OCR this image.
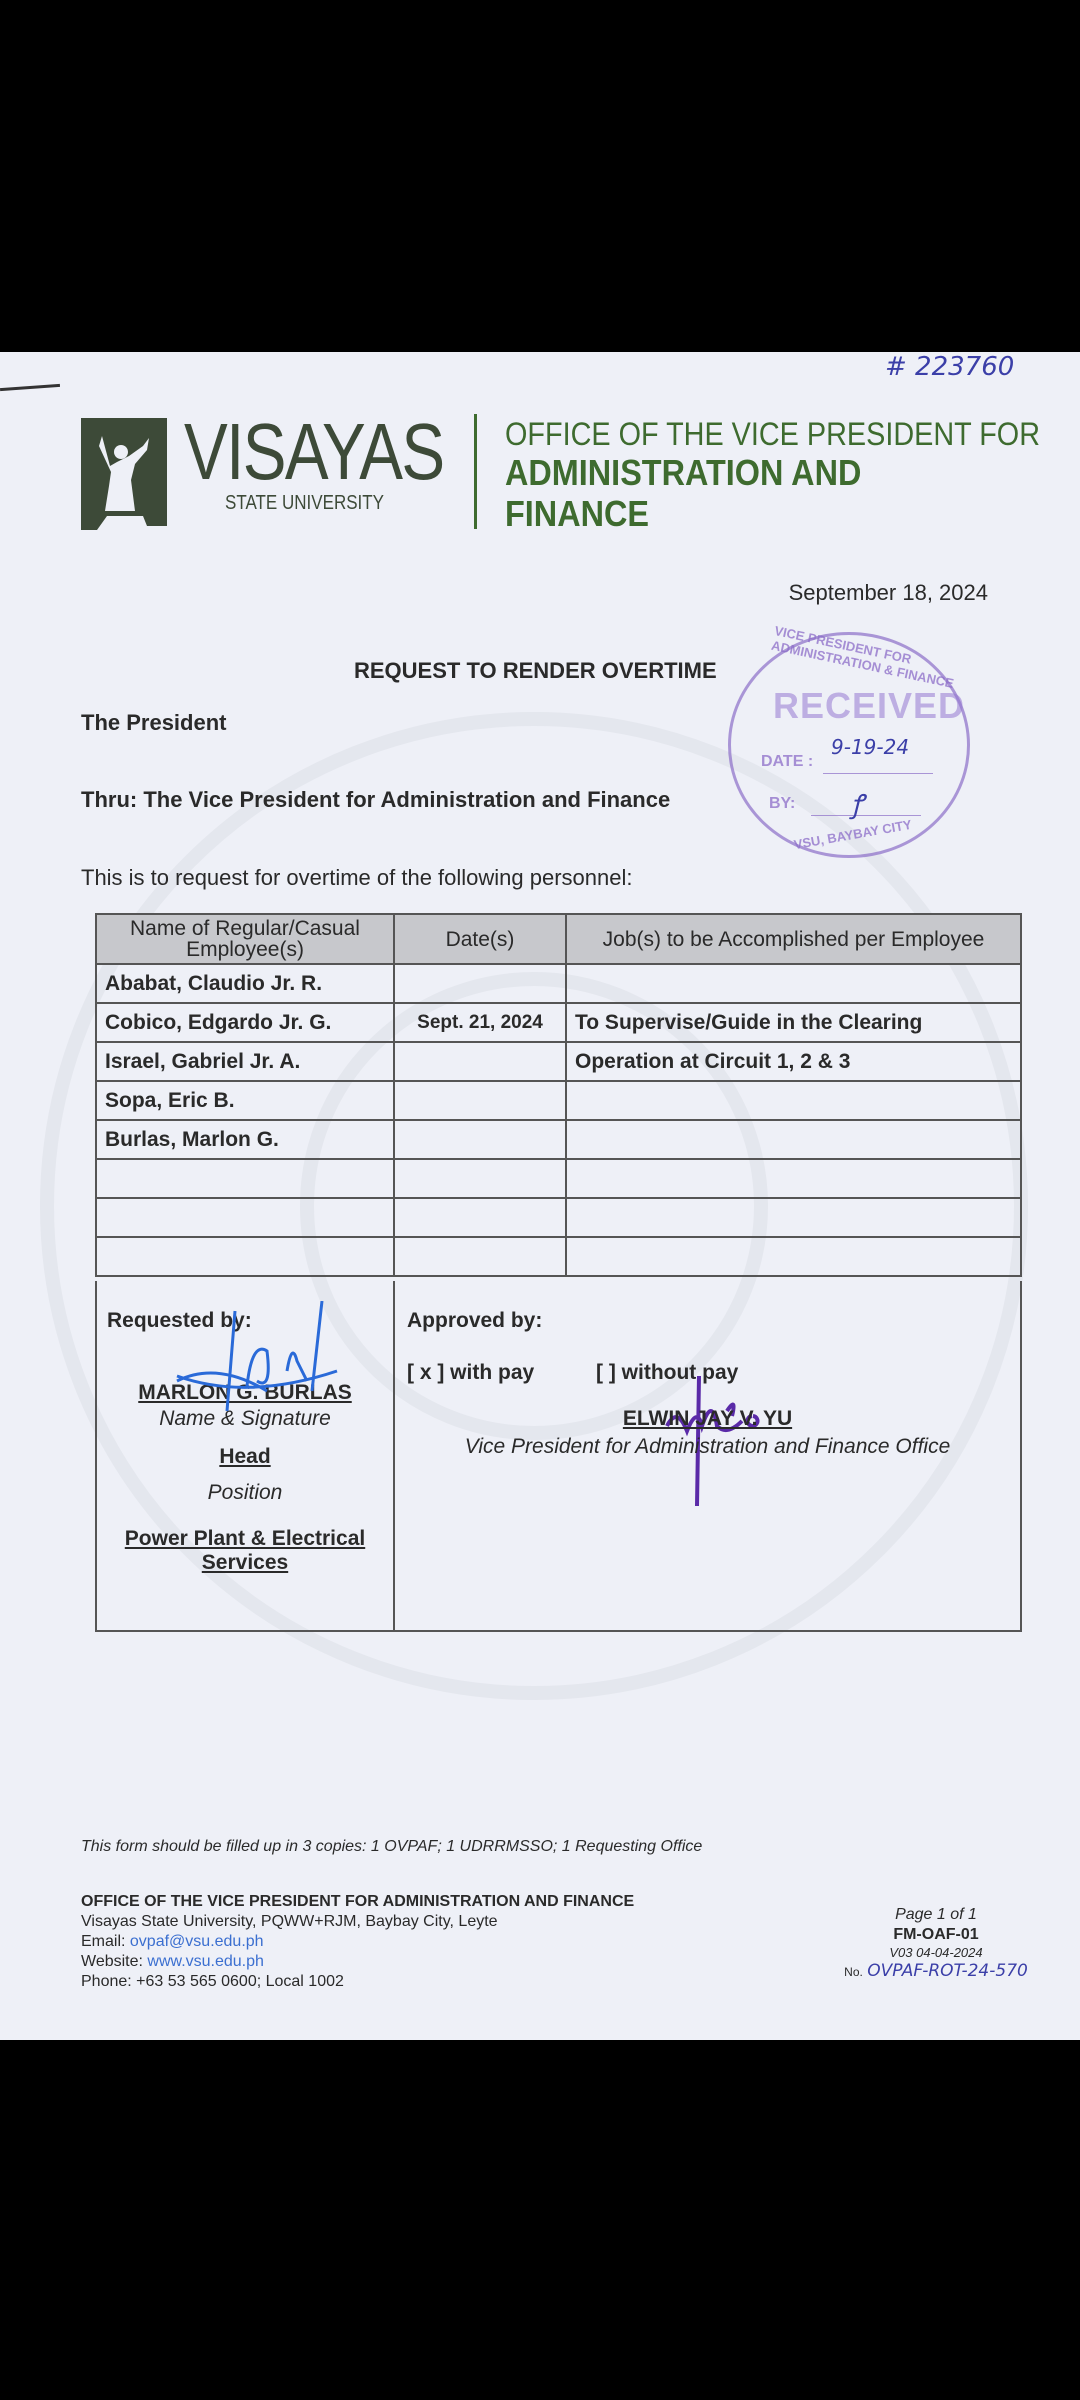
# 223760
VISAYAS
STATE UNIVERSITY
OFFICE OF THE VICE PRESIDENT FOR
ADMINISTRATION AND
FINANCE
September 18, 2024
REQUEST TO RENDER OVERTIME
The President
Thru: The Vice President for Administration and Finance
This is to request for overtime of the following personnel:
VICE PRESIDENT FOR ADMINISTRATION & FINANCE
RECEIVED
DATE :
9-19-24
BY: ꝭ
VSU, BAYBAY CITY
Name of Regular/Casual Employee(s)	Date(s)	Job(s) to be Accomplished per Employee
Ababat, Claudio Jr. R.		
Cobico, Edgardo Jr. G.	Sept. 21, 2024	To Supervise/Guide in the Clearing
Israel, Gabriel Jr. A.		Operation at Circuit 1, 2 & 3
Sopa, Eric B.		
Burlas, Marlon G.		

Requested by:
MARLON G. BURLAS
Name & Signature
Head
Position
Power Plant & Electrical
Services
Approved by:
[ x ] with pay	[ ] without pay
ELWIN JAY V. YU
Vice President for Administration and Finance Office
This form should be filled up in 3 copies: 1 OVPAF; 1 UDRRMSSO; 1 Requesting Office
OFFICE OF THE VICE PRESIDENT FOR ADMINISTRATION AND FINANCE
Visayas State University, PQWW+RJM, Baybay City, Leyte
Email: ovpaf@vsu.edu.ph
Website: www.vsu.edu.ph
Phone: +63 53 565 0600; Local 1002
Page 1 of 1
FM-OAF-01
V03 04-04-2024
No. OVPAF-ROT-24-570
